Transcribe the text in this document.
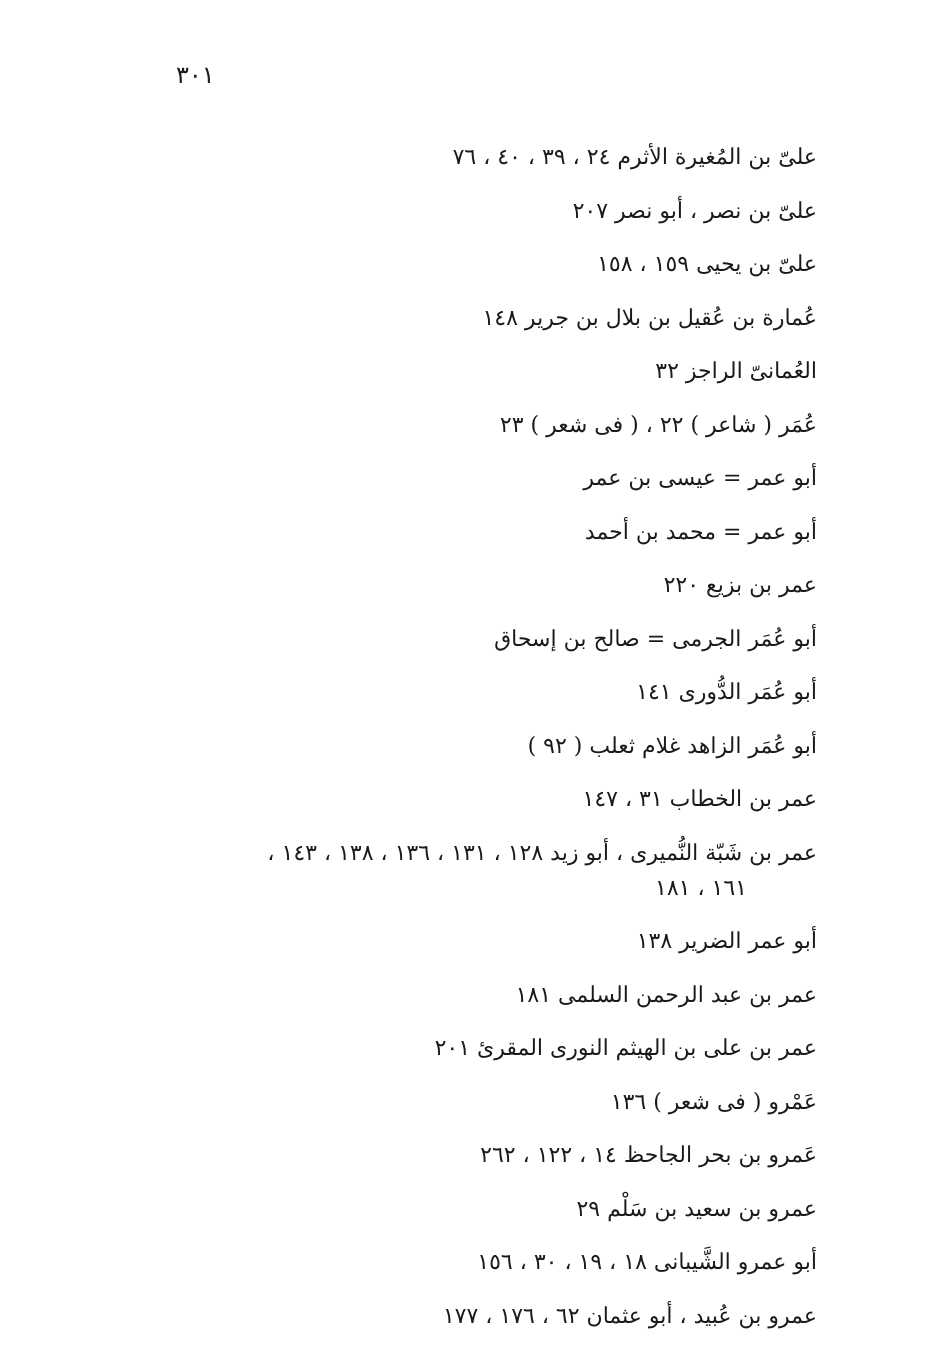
٣٠١
علىّ بن المُغيرة الأثرم ٢٤ ، ٣٩ ، ٤٠ ، ٧٦
علىّ بن نصر ، أبو نصر ٢٠٧
علىّ بن يحيى ١٥٩ ، ١٥٨
عُمارة بن عُقيل بن بلال بن جرير ١٤٨
العُمانىّ الراجز ٣٢
عُمَر ( شاعر ) ٢٢ ، ( فى شعر ) ٢٣
أبو عمر = عيسى بن عمر
أبو عمر = محمد بن أحمد
عمر بن بزيع ٢٢٠
أبو عُمَر الجرمى = صالح بن إسحاق
أبو عُمَر الدُّورى ١٤١
أبو عُمَر الزاهد غلام ثعلب ( ٩٢ )
عمر بن الخطاب ٣١ ، ١٤٧
عمر بن شَبّة النُّميرى ، أبو زيد ١٢٨ ، ١٣١ ، ١٣٦ ، ١٣٨ ، ١٤٣ ،
١٦١ ، ١٨١
أبو عمر الضرير ١٣٨
عمر بن عبد الرحمن السلمى ١٨١
عمر بن على بن الهيثم النورى المقرئ ٢٠١
عَمْرو ( فى شعر ) ١٣٦
عَمرو بن بحر الجاحظ ١٤ ، ١٢٢ ، ٢٦٢
عمرو بن سعيد بن سَلْم ٢٩
أبو عمرو الشَّيبانى ١٨ ، ١٩ ، ٣٠ ، ١٥٦
عمرو بن عُبيد ، أبو عثمان ٦٢ ، ١٧٦ ، ١٧٧
